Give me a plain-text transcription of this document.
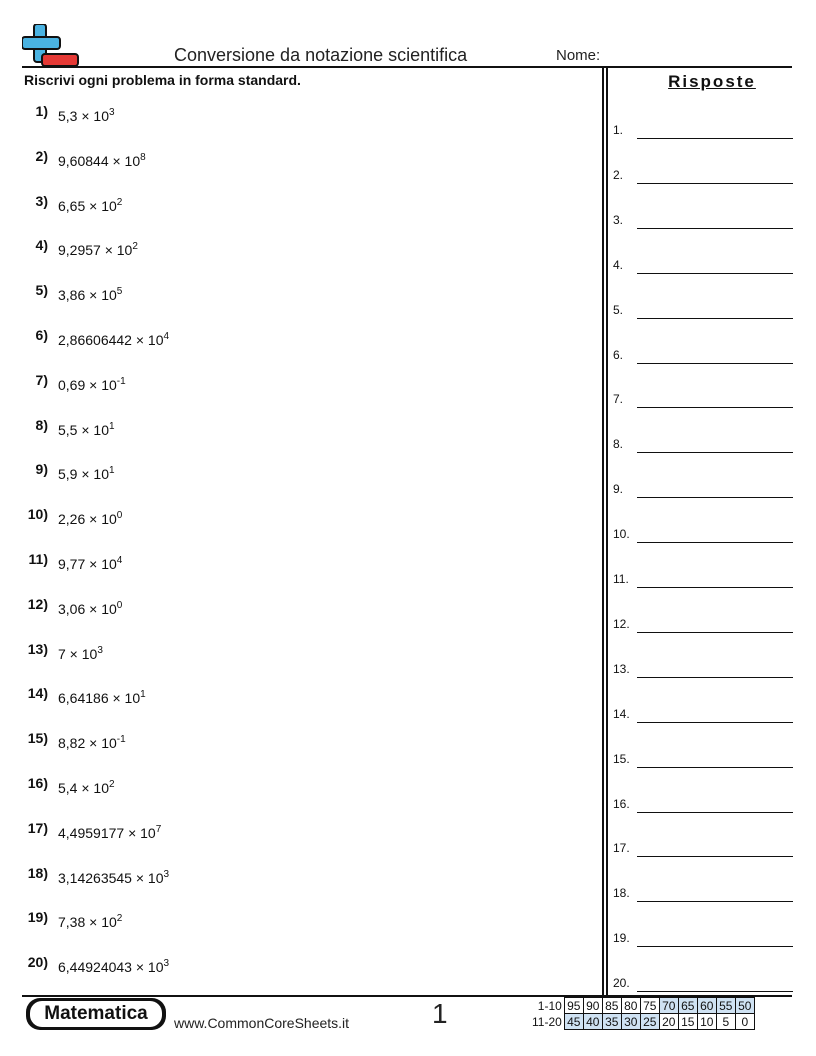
Conversione da notazione scientifica	Nome:
Riscrivi ogni problema in forma standard.	Risposte
1) $5,3 \times 10^3$
2) $9,60844 \times 10^8$
3) $6,65 \times 10^2$
4) $9,2957 \times 10^2$
5) $3,86 \times 10^5$
6) $2,86606442 \times 10^4$
7) $0,69 \times 10^{-1}$
8) $5,5 \times 10^1$
9) $5,9 \times 10^1$
10) $2,26 \times 10^0$
11) $9,77 \times 10^4$
12) $3,06 \times 10^0$
13) $7 \times 10^3$
14) $6,64186 \times 10^1$
15) $8,82 \times 10^{-1}$
16) $5,4 \times 10^2$
17) $4,4959177 \times 10^7$
18) $3,14263545 \times 10^3$
19) $7,38 \times 10^2$
20) $6,44924043 \times 10^3$
1.
2.
3.
4.
5.
6.
7.
8.
9.
10.
11.
12.
13.
14.
15.
16.
17.
18.
19.
20.
Matematica	www.CommonCoreSheets.it	1	1-10	95	90	85	80	75	70	65	60	55	50
11-20	45	40	35	30	25	20	15	10	5	0
